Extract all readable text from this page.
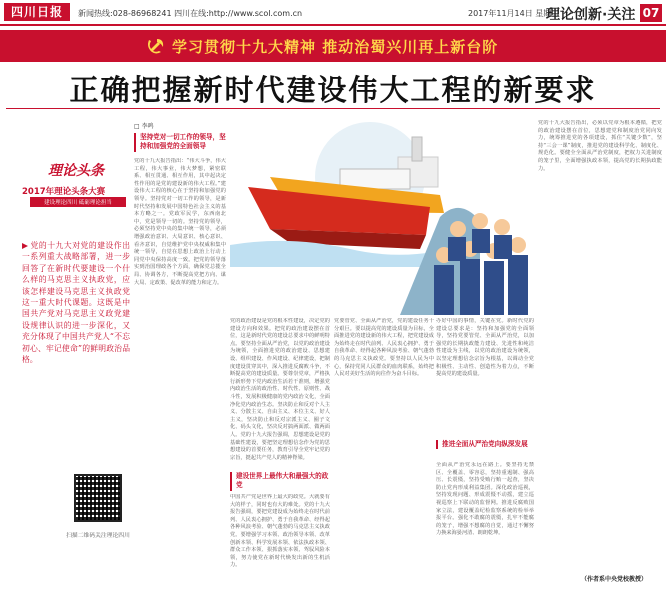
四川日报	新闻热线:028-86968241 四川在线:http://www.scol.com.cn	2017年11月14日 星期二
理论创新·关注 07
学习贯彻十九大精神 推动治蜀兴川再上新台阶
正确把握新时代建设伟大工程的新要求
理论头条
2017年理论头条大赛
建设理论四川 砥砺理论担当
▶ 党的十九大对党的建设作出一系列重大战略部署，进一步回答了在新时代要建设一个什么样的马克思主义执政党，应该怎样建设马克思主义执政党这一重大时代课题。这既是中国共产党对马克思主义政党建设规律认识的进一步深化，又充分体现了中国共产党人“不忘初心、牢记使命”的鲜明政治品格。
扫描二维码关注理论四川
□ 李鸣
坚持党对一切工作的领导，坚持和加强党的全面领导
党的十九大报告指出：“伟大斗争，伟大工程，伟大事业，伟大梦想，紧密联系、相互贯通、相互作用，其中起决定性作用的是党的建设新的伟大工程。”建设伟大工程的核心在于坚持和加强党的领导。坚持党对一切工作的领导，是新时代坚持和发展中国特色社会主义的基本方略之一。党政军民学，东西南北中，党是领导一切的。坚持党的领导，必须坚持党中央的集中统一领导，必须增强政治意识、大局意识、核心意识、看齐意识，自觉维护党中央权威和集中统一领导，自觉在思想上政治上行动上同党中央保持高度一致。把党的领导落实到治国理政各个方面，确保党总揽全局、协调各方，不断提高党把方向、谋大局、定政策、促改革的能力和定力。
党的政治建设是党的根本性建设，决定党的建设方向和效果。把党的政治建设摆在首位，这是新时代党的建设总要求中的鲜明特点。要坚持全面从严治党，以党的政治建设为统领，全面推进党的政治建设、思想建设、组织建设、作风建设、纪律建设，把制度建设贯穿其中，深入推进反腐败斗争，不断提高党的建设质量。要尊崇党章，严格执行新形势下党内政治生活若干准则，增强党内政治生活的政治性、时代性、原则性、战斗性，发展积极健康的党内政治文化，全面净化党内政治生态。坚决防止和反对个人主义、分散主义、自由主义、本位主义、好人主义，坚决防止和反对宗派主义、圈子文化、码头文化，坚决反对搞两面派、做两面人。党的十九大报告强调，思想建设是党的基础性建设，要把坚定理想信念作为党的思想建设的首要任务，教育引导全党牢记党的宗旨，挺起共产党人的精神脊梁。
建设世界上最伟大和最强大的政党
中国共产党是世界上最大的政党。大就要有大的样子，同时也有大的难处。党的十九大报告强调，要把党建设成为始终走在时代前列、人民衷心拥护、勇于自我革命、经得起各种风浪考验、朝气蓬勃的马克思主义执政党。要增强学习本领、政治领导本领、改革创新本领、科学发展本领、依法执政本领、群众工作本领、狠抓落实本领、驾驭风险本领，努力使党在新时代焕发出新的生机活力。
党要管党、全面从严治党，党的建设任务十分艰巨。要以提高党的建设质量为目标，全面推进党的建设新的伟大工程，把党建设成为始终走在时代前列、人民衷心拥护、勇于自我革命、经得起各种风浪考验、朝气蓬勃的马克思主义执政党。要坚持以人民为中心，保持党同人民群众的血肉联系，始终把人民对美好生活的向往作为奋斗目标。
办好中国的事情，关键在党。新时代党的建设总要求是：坚持和加强党的全面领导，坚持党要管党、全面从严治党，以加强党的长期执政能力建设、先进性和纯洁性建设为主线，以党的政治建设为统领，以坚定理想信念宗旨为根基，以调动全党积极性、主动性、创造性为着力点，不断提高党的建设质量。
推进全面从严治党向纵深发展
全面从严治党永远在路上。要坚持无禁区、全覆盖、零容忍，坚持重遏制、强高压、长震慑，坚持受贿行贿一起查，坚决防止党内形成利益集团。深化政治巡视，坚持发现问题、形成震慑不动摇，建立巡视巡察上下联动的监督网。推进反腐败国家立法，建设覆盖纪检监察系统的检举举报平台。强化不敢腐的震慑，扎牢不能腐的笼子，增强不想腐的自觉，通过不懈努力换来海晏河清、朗朗乾坤。
党的十九大报告指出，必须以党章为根本遵循，把党的政治建设摆在首位，思想建党和制度治党同向发力，统筹推进党的各项建设，抓住“关键少数”，坚持“三会一课”制度，推进党的建设科学化、制度化、规范化。要健全全面从严治党制度，把权力关进制度的笼子里，全面增强执政本领，提高党的长期执政能力。
（作者系中央党校教授）
